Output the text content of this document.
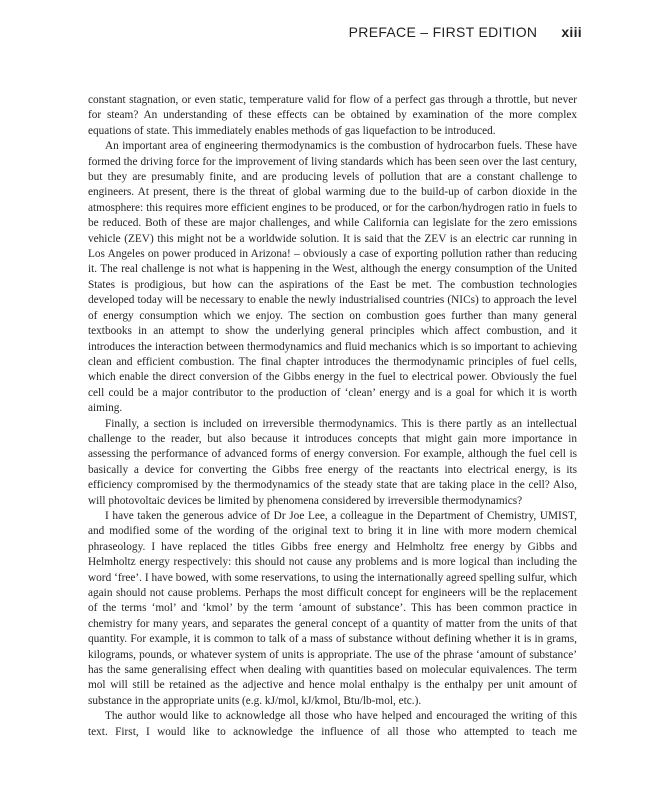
PREFACE – FIRST EDITION xiii

constant stagnation, or even static, temperature valid for flow of a perfect gas through a throttle, but never for steam? An understanding of these effects can be obtained by examination of the more complex equations of state. This immediately enables methods of gas liquefaction to be introduced.

An important area of engineering thermodynamics is the combustion of hydrocarbon fuels. These have formed the driving force for the improvement of living standards which has been seen over the last century, but they are presumably finite, and are producing levels of pollution that are a constant challenge to engineers. At present, there is the threat of global warming due to the build-up of carbon dioxide in the atmosphere: this requires more efficient engines to be produced, or for the carbon/hydrogen ratio in fuels to be reduced. Both of these are major challenges, and while California can legislate for the zero emissions vehicle (ZEV) this might not be a worldwide solution. It is said that the ZEV is an electric car running in Los Angeles on power produced in Arizona! – obviously a case of exporting pollution rather than reducing it. The real challenge is not what is happening in the West, although the energy consumption of the United States is prodigious, but how can the aspirations of the East be met. The combustion technologies developed today will be necessary to enable the newly industrialised countries (NICs) to approach the level of energy consumption which we enjoy. The section on combustion goes further than many general textbooks in an attempt to show the underlying general principles which affect combustion, and it introduces the interaction between thermodynamics and fluid mechanics which is so important to achieving clean and efficient combustion. The final chapter introduces the thermodynamic principles of fuel cells, which enable the direct conversion of the Gibbs energy in the fuel to electrical power. Obviously the fuel cell could be a major contributor to the production of ‘clean’ energy and is a goal for which it is worth aiming.

Finally, a section is included on irreversible thermodynamics. This is there partly as an intellectual challenge to the reader, but also because it introduces concepts that might gain more importance in assessing the performance of advanced forms of energy conversion. For example, although the fuel cell is basically a device for converting the Gibbs free energy of the reactants into electrical energy, is its efficiency compromised by the thermodynamics of the steady state that are taking place in the cell? Also, will photovoltaic devices be limited by phenomena considered by irreversible thermodynamics?

I have taken the generous advice of Dr Joe Lee, a colleague in the Department of Chemistry, UMIST, and modified some of the wording of the original text to bring it in line with more modern chemical phraseology. I have replaced the titles Gibbs free energy and Helmholtz free energy by Gibbs and Helmholtz energy respectively: this should not cause any problems and is more logical than including the word ‘free’. I have bowed, with some reservations, to using the internationally agreed spelling sulfur, which again should not cause problems. Perhaps the most difficult concept for engineers will be the replacement of the terms ‘mol’ and ‘kmol’ by the term ‘amount of substance’. This has been common practice in chemistry for many years, and separates the general concept of a quantity of matter from the units of that quantity. For example, it is common to talk of a mass of substance without defining whether it is in grams, kilograms, pounds, or whatever system of units is appropriate. The use of the phrase ‘amount of substance’ has the same generalising effect when dealing with quantities based on molecular equivalences. The term mol will still be retained as the adjective and hence molal enthalpy is the enthalpy per unit amount of substance in the appropriate units (e.g. kJ/mol, kJ/kmol, Btu/lb-mol, etc.).

The author would like to acknowledge all those who have helped and encouraged the writing of this text. First, I would like to acknowledge the influence of all those who attempted to teach me
